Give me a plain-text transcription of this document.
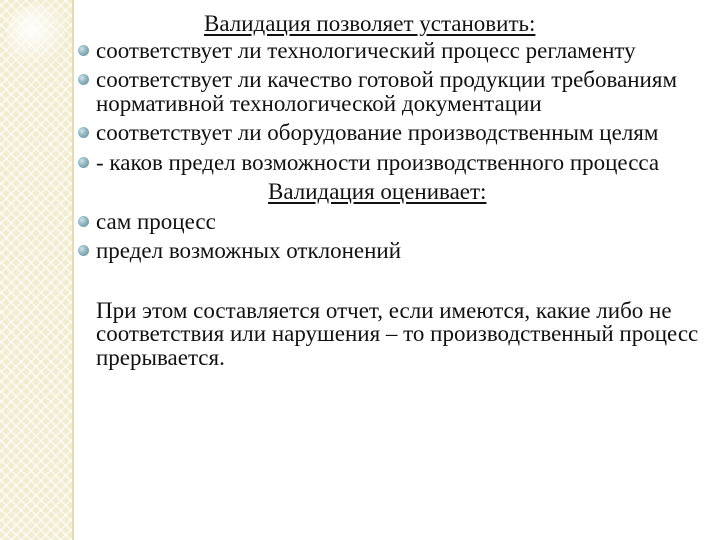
Валидация позволяет установить:

соответствует ли технологический процесс регламенту
соответствует ли качество готовой продукции требованиям нормативной технологической документации
соответствует ли оборудование производственным целям
- каков предел возможности производственного процесса

Валидация оценивает:

сам процесс
предел возможных отклонений

При этом составляется отчет, если имеются, какие либо не соответствия или нарушения – то производственный процесс прерывается.
